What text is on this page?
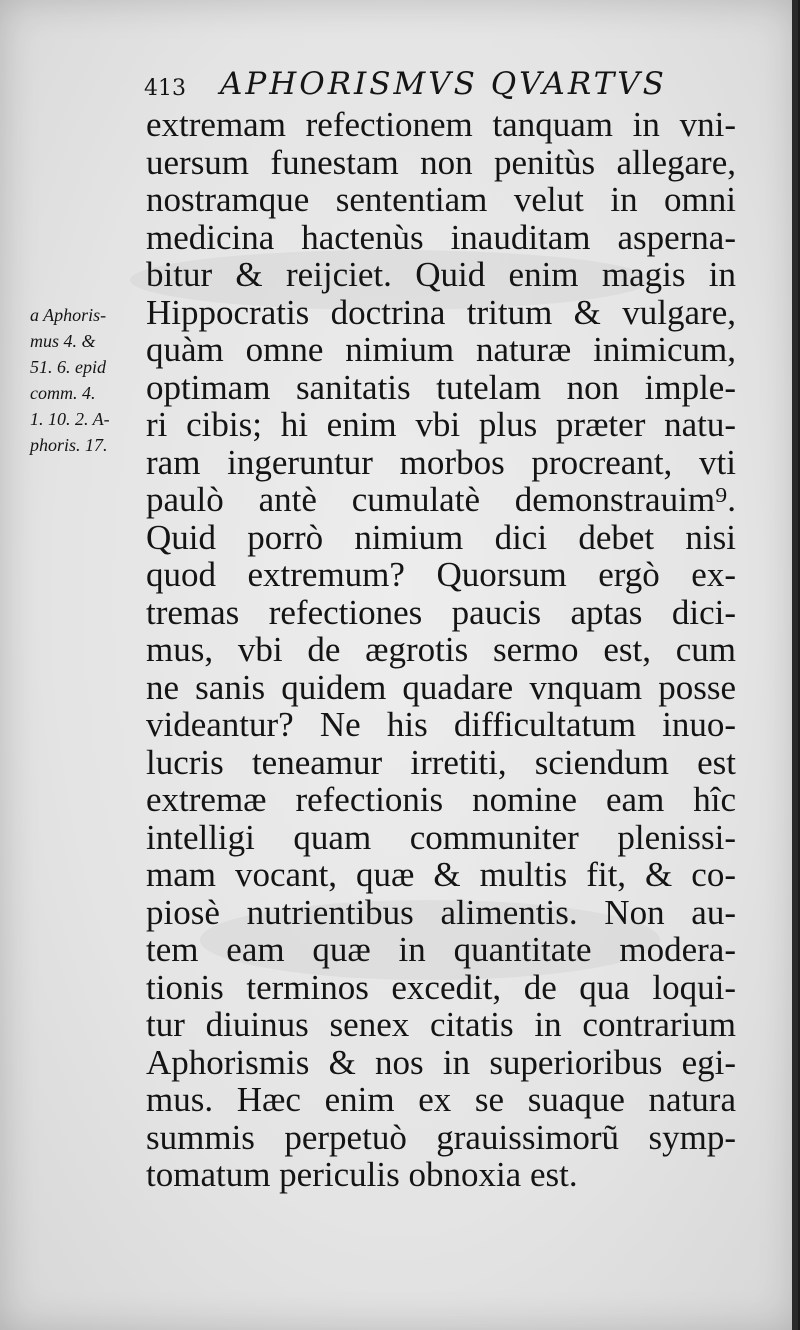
413 APHORISMVS QVARTVS
a Aphoris-
mus 4. &
51. 6. epid
comm. 4.
1. 10. 2. A-
phoris. 17.
extremam refectionem tanquam in vni-
uersum funestam non penitùs allegare,
nostramque sententiam velut in omni
medicina hactenùs inauditam asperna-
bitur & reijciet. Quid enim magis in
Hippocratis doctrina tritum & vulgare,
quàm omne nimium naturæ inimicum,
optimam sanitatis tutelam non imple-
ri cibis; hi enim vbi plus præter natu-
ram ingeruntur morbos procreant, vti
paulò antè cumulatè demonstrauim⁹.
Quid porrò nimium dici debet nisi
quod extremum? Quorsum ergò ex-
tremas refectiones paucis aptas dici-
mus, vbi de ægrotis sermo est, cum
ne sanis quidem quadare vnquam posse
videantur? Ne his difficultatum inuo-
lucris teneamur irretiti, sciendum est
extremæ refectionis nomine eam hîc
intelligi quam communiter plenissi-
mam vocant, quæ & multis fit, & co-
piosè nutrientibus alimentis. Non au-
tem eam quæ in quantitate modera-
tionis terminos excedit, de qua loqui-
tur diuinus senex citatis in contrarium
Aphorismis & nos in superioribus egi-
mus. Hæc enim ex se suaque natura
summis perpetuò grauissimorũ symp-
tomatum periculis obnoxia est.
